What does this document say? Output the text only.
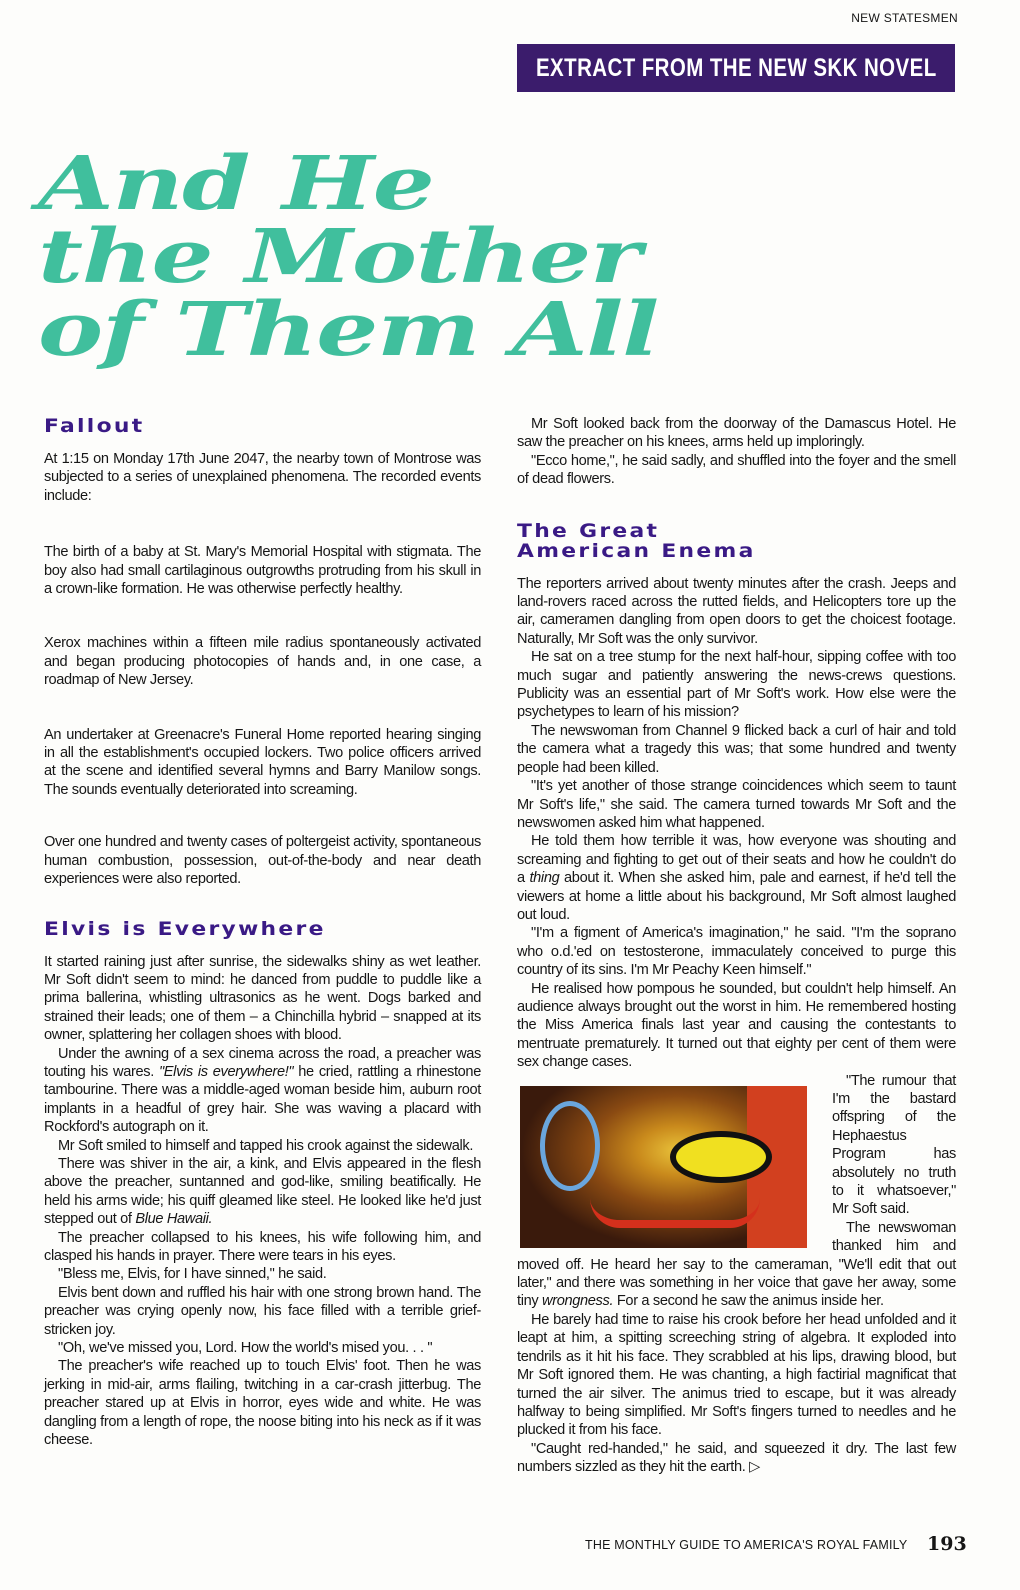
NEW STATESMEN
EXTRACT FROM THE NEW SKK NOVEL
And He
the Mother
of Them All
Fallout

At 1:15 on Monday 17th June 2047, the nearby town of Montrose was subjected to a series of unexplained phenomena. The recorded events include:

The birth of a baby at St. Mary's Memorial Hospital with stigmata. The boy also had small cartilaginous outgrowths protruding from his skull in a crown-like formation. He was otherwise perfectly healthy.

Xerox machines within a fifteen mile radius spontaneously activated and began producing photocopies of hands and, in one case, a roadmap of New Jersey.

An undertaker at Greenacre's Funeral Home reported hearing singing in all the establishment's occupied lockers. Two police officers arrived at the scene and identified several hymns and Barry Manilow songs. The sounds eventually deteriorated into screaming.

Over one hundred and twenty cases of poltergeist activity, spontaneous human combustion, possession, out-of-the-body and near death experiences were also reported.

Elvis is Everywhere

It started raining just after sunrise, the sidewalks shiny as wet leather. Mr Soft didn't seem to mind: he danced from puddle to puddle like a prima ballerina, whistling ultrasonics as he went. Dogs barked and strained their leads; one of them – a Chinchilla hybrid – snapped at its owner, splattering her collagen shoes with blood.

Under the awning of a sex cinema across the road, a preacher was touting his wares. "Elvis is everywhere!" he cried, rattling a rhinestone tambourine. There was a middle-aged woman beside him, auburn root implants in a headful of grey hair. She was waving a placard with Rockford's autograph on it.

Mr Soft smiled to himself and tapped his crook against the sidewalk.

There was shiver in the air, a kink, and Elvis appeared in the flesh above the preacher, suntanned and god-like, smiling beatifically. He held his arms wide; his quiff gleamed like steel. He looked like he'd just stepped out of Blue Hawaii.

The preacher collapsed to his knees, his wife following him, and clasped his hands in prayer. There were tears in his eyes.

"Bless me, Elvis, for I have sinned," he said.

Elvis bent down and ruffled his hair with one strong brown hand. The preacher was crying openly now, his face filled with a terrible grief-stricken joy.

"Oh, we've missed you, Lord. How the world's mised you. . . "

The preacher's wife reached up to touch Elvis' foot. Then he was jerking in mid-air, arms flailing, twitching in a car-crash jitterbug. The preacher stared up at Elvis in horror, eyes wide and white. He was dangling from a length of rope, the noose biting into his neck as if it was cheese.

Mr Soft looked back from the doorway of the Damascus Hotel. He saw the preacher on his knees, arms held up imploringly.

"Ecco home,", he said sadly, and shuffled into the foyer and the smell of dead flowers.

The Great
American Enema

The reporters arrived about twenty minutes after the crash. Jeeps and land-rovers raced across the rutted fields, and Helicopters tore up the air, cameramen dangling from open doors to get the choicest footage. Naturally, Mr Soft was the only survivor.

He sat on a tree stump for the next half-hour, sipping coffee with too much sugar and patiently answering the news-crews questions. Publicity was an essential part of Mr Soft's work. How else were the psychetypes to learn of his mission?

The newswoman from Channel 9 flicked back a curl of hair and told the camera what a tragedy this was; that some hundred and twenty people had been killed.

"It's yet another of those strange coincidences which seem to taunt Mr Soft's life," she said. The camera turned towards Mr Soft and the newswomen asked him what happened.

He told them how terrible it was, how everyone was shouting and screaming and fighting to get out of their seats and how he couldn't do a thing about it. When she asked him, pale and earnest, if he'd tell the viewers at home a little about his background, Mr Soft almost laughed out loud.

"I'm a figment of America's imagination," he said. "I'm the soprano who o.d.'ed on testosterone, immaculately conceived to purge this country of its sins. I'm Mr Peachy Keen himself."

He realised how pompous he sounded, but couldn't help himself. An audience always brought out the worst in him. He remembered hosting the Miss America finals last year and causing the contestants to mentruate prematurely. It turned out that eighty per cent of them were sex change cases.

"The rumour that I'm the bastard offspring of the Hephaestus Program has absolutely no truth to it whatsoever," Mr Soft said.

The newswoman thanked him and moved off. He heard her say to the cameraman, "We'll edit that out later," and there was something in her voice that gave her away, some tiny wrongness. For a second he saw the animus inside her.

He barely had time to raise his crook before her head unfolded and it leapt at him, a spitting screeching string of algebra. It exploded into tendrils as it hit his face. They scrabbled at his lips, drawing blood, but Mr Soft ignored them. He was chanting, a high factirial magnificat that turned the air silver. The animus tried to escape, but it was already halfway to being simplified. Mr Soft's fingers turned to needles and he plucked it from his face.

"Caught red-handed," he said, and squeezed it dry. The last few numbers sizzled as they hit the earth. ▷

THE MONTHLY GUIDE TO AMERICA'S ROYAL FAMILY 193
